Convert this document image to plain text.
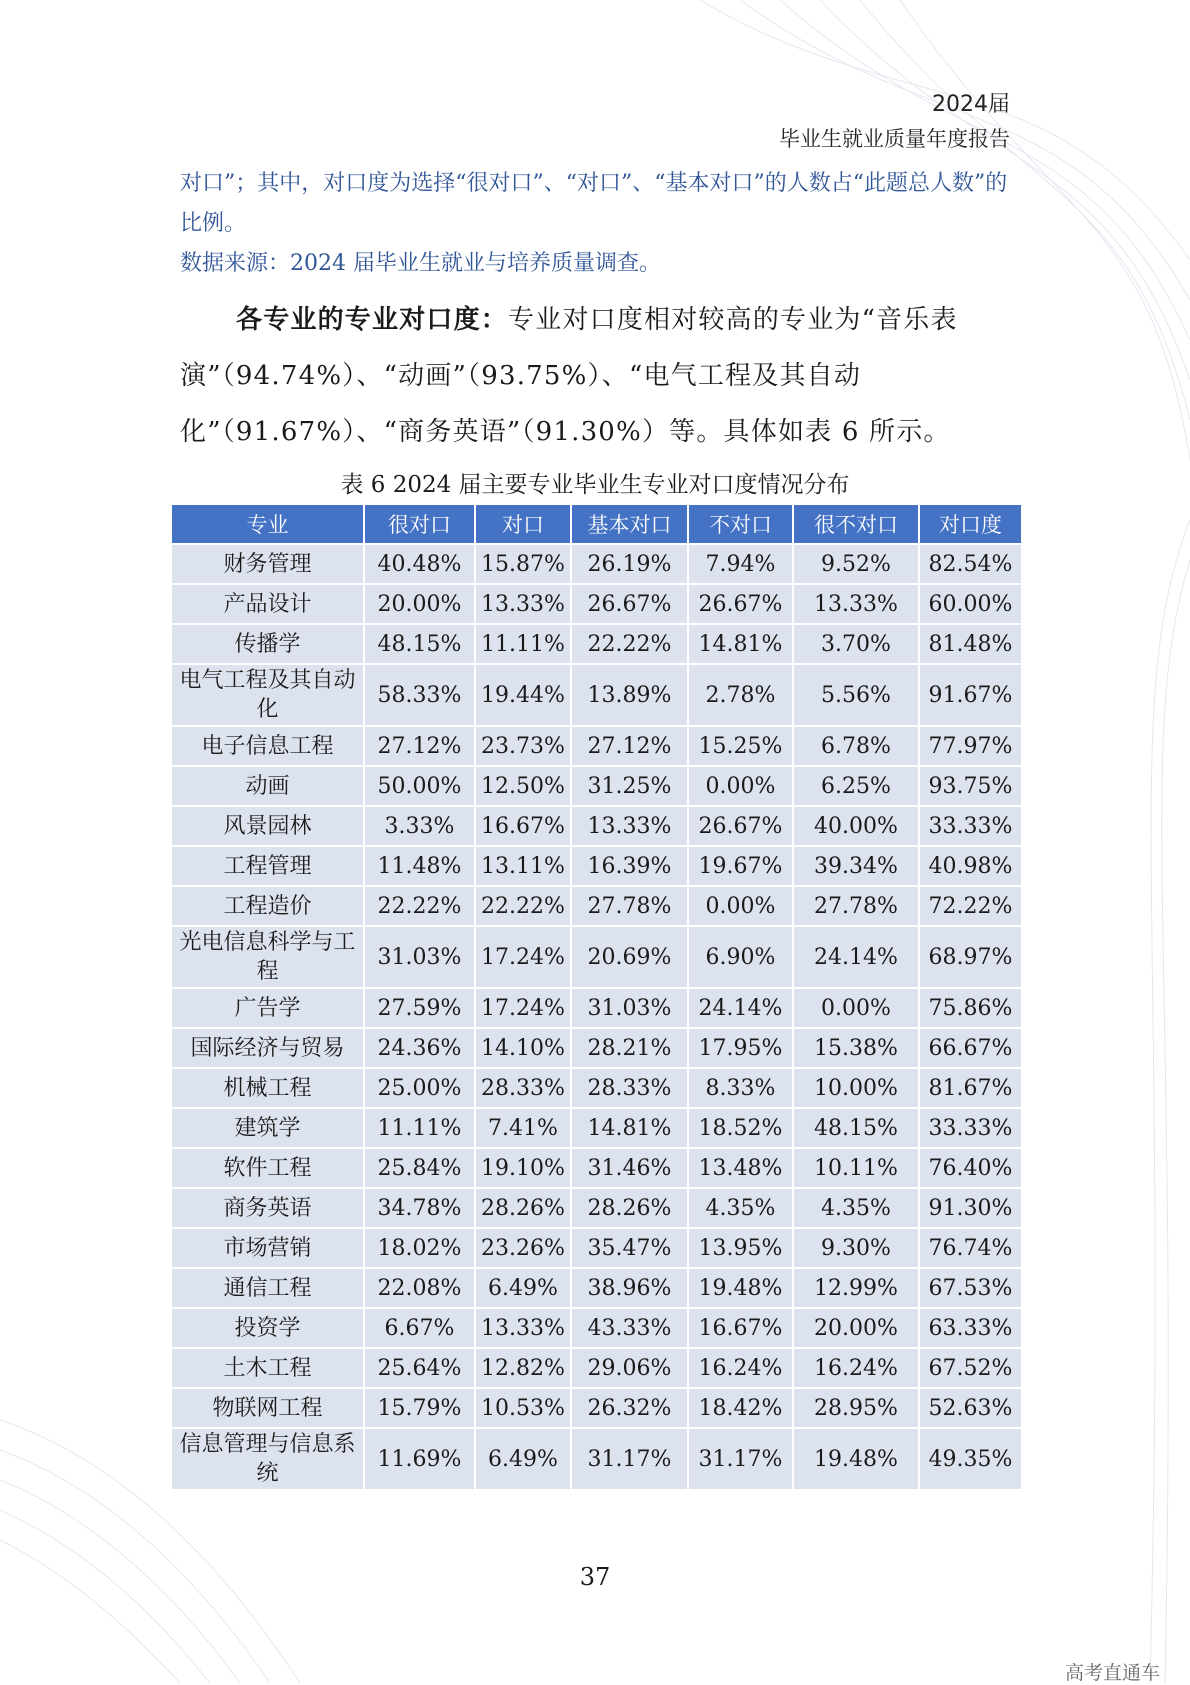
2024届
毕业生就业质量年度报告
对口”；其中，对口度为选择“很对口”、“对口”、“基本对口”的人数占“此题总人数”的比例。
数据来源：2024 届毕业生就业与培养质量调查。
各专业的专业对口度：专业对口度相对较高的专业为“音乐表演”（94.74%）、“动画”（93.75%）、“电气工程及其自动化”（91.67%）、“商务英语”（91.30%）等。具体如表 6 所示。
表 6 2024 届主要专业毕业生专业对口度情况分布
专业	很对口	对口	基本对口	不对口	很不对口	对口度
财务管理	40.48%	15.87%	26.19%	7.94%	9.52%	82.54%
产品设计	20.00%	13.33%	26.67%	26.67%	13.33%	60.00%
传播学	48.15%	11.11%	22.22%	14.81%	3.70%	81.48%
电气工程及其自动化	58.33%	19.44%	13.89%	2.78%	5.56%	91.67%
电子信息工程	27.12%	23.73%	27.12%	15.25%	6.78%	77.97%
动画	50.00%	12.50%	31.25%	0.00%	6.25%	93.75%
风景园林	3.33%	16.67%	13.33%	26.67%	40.00%	33.33%
工程管理	11.48%	13.11%	16.39%	19.67%	39.34%	40.98%
工程造价	22.22%	22.22%	27.78%	0.00%	27.78%	72.22%
光电信息科学与工程	31.03%	17.24%	20.69%	6.90%	24.14%	68.97%
广告学	27.59%	17.24%	31.03%	24.14%	0.00%	75.86%
国际经济与贸易	24.36%	14.10%	28.21%	17.95%	15.38%	66.67%
机械工程	25.00%	28.33%	28.33%	8.33%	10.00%	81.67%
建筑学	11.11%	7.41%	14.81%	18.52%	48.15%	33.33%
软件工程	25.84%	19.10%	31.46%	13.48%	10.11%	76.40%
商务英语	34.78%	28.26%	28.26%	4.35%	4.35%	91.30%
市场营销	18.02%	23.26%	35.47%	13.95%	9.30%	76.74%
通信工程	22.08%	6.49%	38.96%	19.48%	12.99%	67.53%
投资学	6.67%	13.33%	43.33%	16.67%	20.00%	63.33%
土木工程	25.64%	12.82%	29.06%	16.24%	16.24%	67.52%
物联网工程	15.79%	10.53%	26.32%	18.42%	28.95%	52.63%
信息管理与信息系统	11.69%	6.49%	31.17%	31.17%	19.48%	49.35%
37
高考直通车
